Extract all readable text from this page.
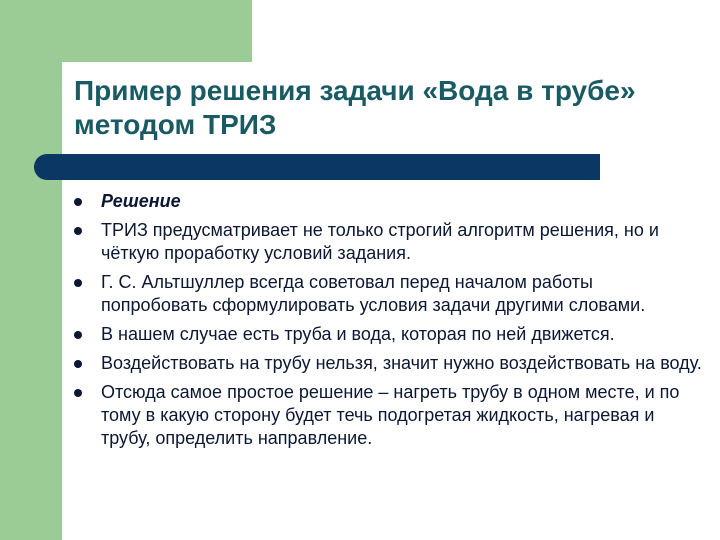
Пример решения задачи «Вода в трубе» методом ТРИЗ
Решение
ТРИЗ предусматривает не только строгий алгоритм решения, но и чёткую проработку условий задания.
Г. С. Альтшуллер всегда советовал перед началом работы попробовать сформулировать условия задачи другими словами.
В нашем случае есть труба и вода, которая по ней движется.
Воздействовать на трубу нельзя, значит нужно воздействовать на воду.
Отсюда самое простое решение – нагреть трубу в одном месте, и по тому в какую сторону будет течь подогретая жидкость, нагревая и трубу, определить направление.
